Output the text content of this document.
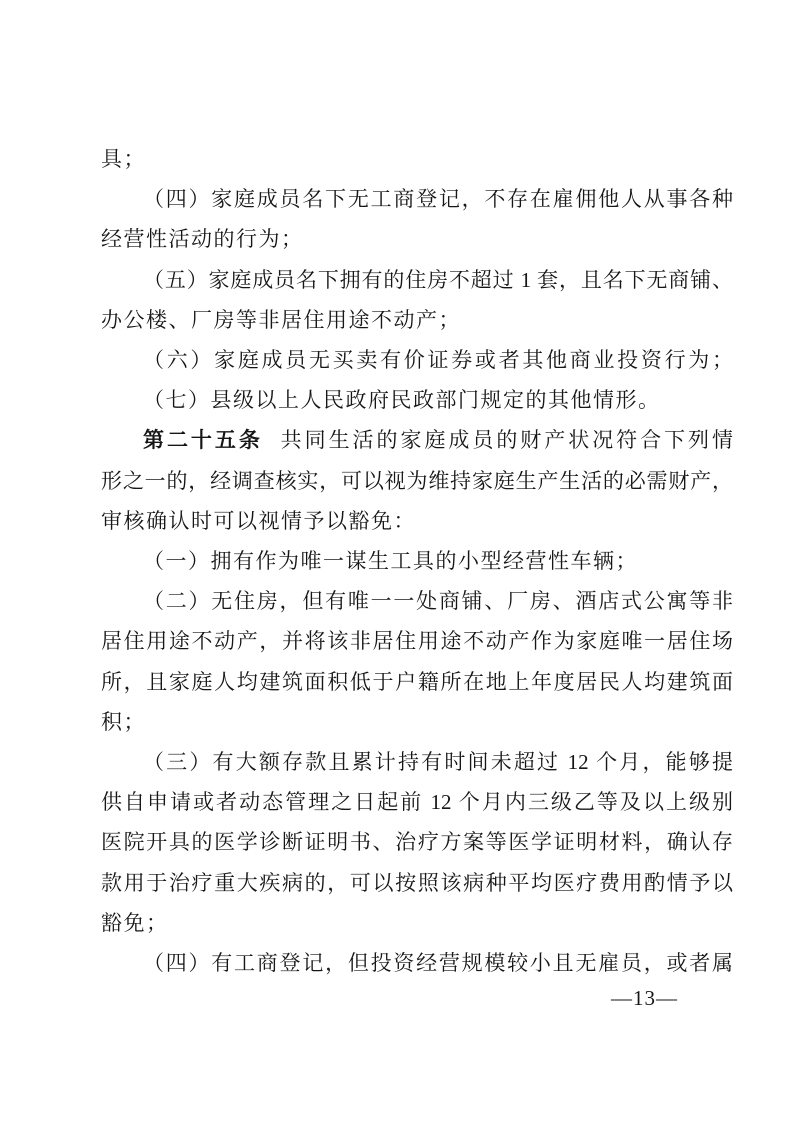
具；

（四）家庭成员名下无工商登记，不存在雇佣他人从事各种

经营性活动的行为；

（五）家庭成员名下拥有的住房不超过 1 套，且名下无商铺、

办公楼、厂房等非居住用途不动产；

（六）家庭成员无买卖有价证券或者其他商业投资行为；

（七）县级以上人民政府民政部门规定的其他情形。

第二十五条 共同生活的家庭成员的财产状况符合下列情

形之一的，经调查核实，可以视为维持家庭生产生活的必需财产，

审核确认时可以视情予以豁免：

（一）拥有作为唯一谋生工具的小型经营性车辆；

（二）无住房，但有唯一一处商铺、厂房、酒店式公寓等非

居住用途不动产，并将该非居住用途不动产作为家庭唯一居住场

所，且家庭人均建筑面积低于户籍所在地上年度居民人均建筑面

积；

（三）有大额存款且累计持有时间未超过 12 个月，能够提

供自申请或者动态管理之日起前 12 个月内三级乙等及以上级别

医院开具的医学诊断证明书、治疗方案等医学证明材料，确认存

款用于治疗重大疾病的，可以按照该病种平均医疗费用酌情予以

豁免；

（四）有工商登记，但投资经营规模较小且无雇员，或者属

—13—
